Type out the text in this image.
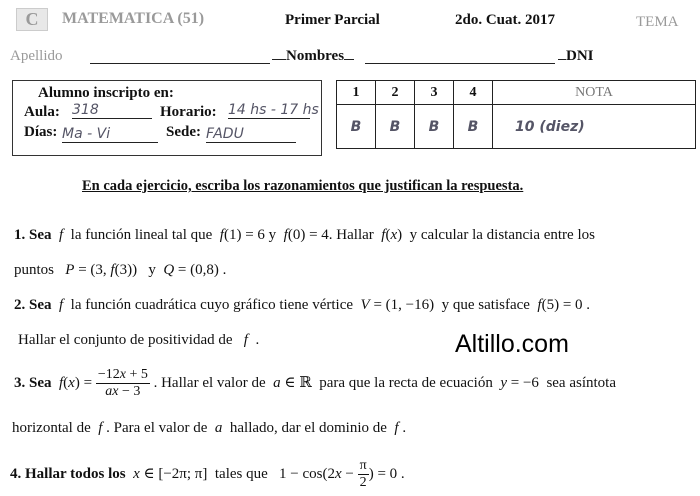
C	MATEMATICA (51)	Primer Parcial	2do. Cuat. 2017	TEMA
Apellido	Nombres	DNI
Alumno inscripto en:
Aula: 318	Horario: 14 hs - 17 hs
Días: Ma - Vi	Sede: FADU
1	2	3	4	NOTA
B	B	B	B	10 (diez)
En cada ejercicio, escriba los razonamientos que justifican la respuesta.
1. Sea  f  la función lineal tal que  f(1) = 6 y  f(0) = 4. Hallar  f(x)  y calcular la distancia entre los
puntos P = (3, f(3))   y  Q = (0,8) .
2. Sea  f  la función cuadrática cuyo gráfico tiene vértice V = (1, −16)  y que satisface f(5) = 0 .
Hallar el conjunto de positividad de f  .	Altillo.com
3. Sea $f(x) = \frac{-12x + 5}{ax - 3}$ . Hallar el valor de a ∈ ℝ  para que la recta de ecuación y = −6  sea asíntota
horizontal de f . Para el valor de a hallado, dar el dominio de f .
4. Hallar todos los x ∈ [−2π; π]  tales que   $1 - \cos(2x - \frac{\pi}{2}$ ) = 0 .
